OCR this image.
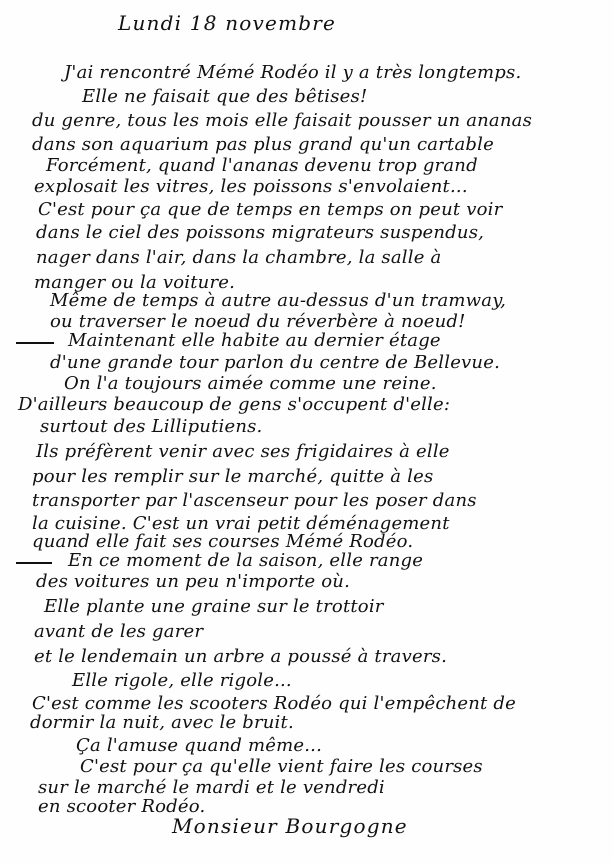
Lundi 18 novembre
J'ai rencontré Mémé Rodéo il y a très longtemps.
Elle ne faisait que des bêtises!
du genre, tous les mois elle faisait pousser un ananas
dans son aquarium pas plus grand qu'un cartable
Forcément, quand l'ananas devenu trop grand
explosait les vitres, les poissons s'envolaient...
C'est pour ça que de temps en temps on peut voir
dans le ciel des poissons migrateurs suspendus,
nager dans l'air, dans la chambre, la salle à
manger ou la voiture.
Même de temps à autre au-dessus d'un tramway,
ou traverser le noeud du réverbère à noeud!
Maintenant elle habite au dernier étage
d'une grande tour parlon du centre de Bellevue.
On l'a toujours aimée comme une reine.
D'ailleurs beaucoup de gens s'occupent d'elle:
surtout des Lilliputiens.
Ils préfèrent venir avec ses frigidaires à elle
pour les remplir sur le marché, quitte à les
transporter par l'ascenseur pour les poser dans
la cuisine. C'est un vrai petit déménagement
quand elle fait ses courses Mémé Rodéo.
En ce moment de la saison, elle range
des voitures un peu n'importe où.
Elle plante une graine sur le trottoir
avant de les garer
et le lendemain un arbre a poussé à travers.
Elle rigole, elle rigole...
C'est comme les scooters Rodéo qui l'empêchent de
dormir la nuit, avec le bruit.
Ça l'amuse quand même...
C'est pour ça qu'elle vient faire les courses
sur le marché le mardi et le vendredi
en scooter Rodéo.
Monsieur Bourgogne
